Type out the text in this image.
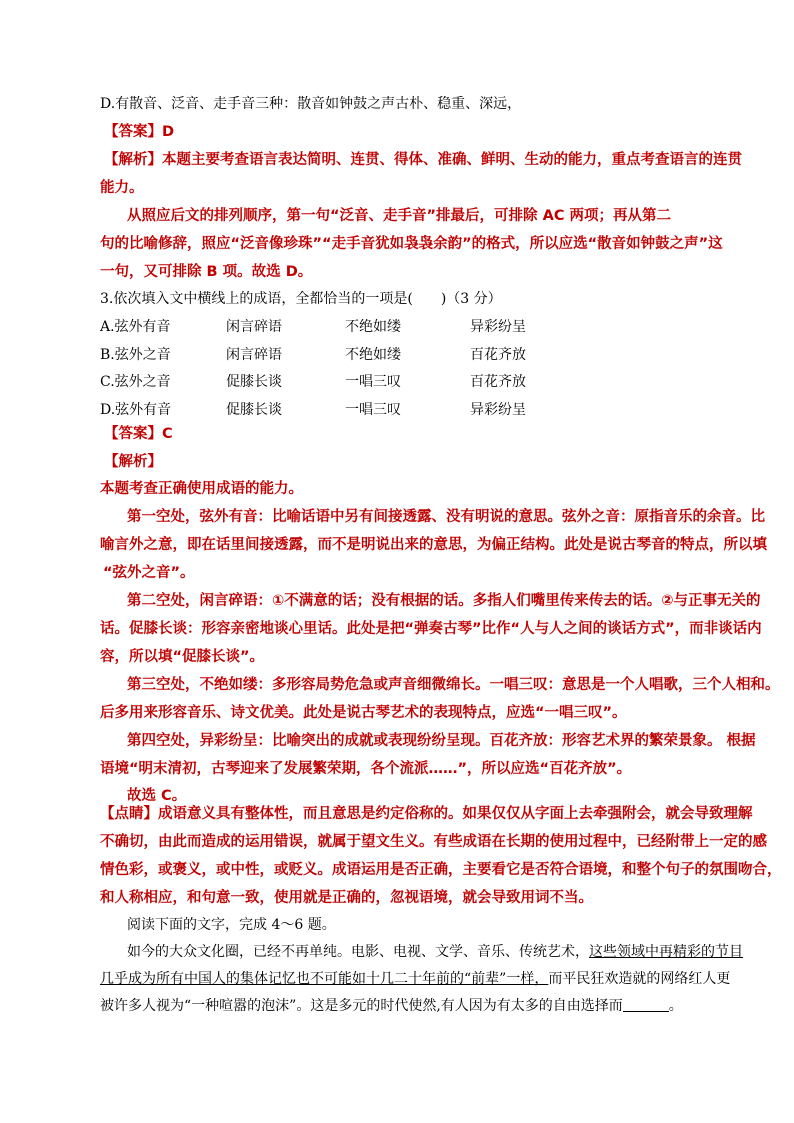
D.有散音、泛音、走手音三种：散音如钟鼓之声古朴、稳重、深远，
【答案】D
【解析】本题主要考查语言表达简明、连贯、得体、准确、鲜明、生动的能力，重点考查语言的连贯
能力。
从照应后文的排列顺序，第一句“泛音、走手音”排最后，可排除 AC 两项；再从第二
句的比喻修辞，照应“泛音像珍珠”“走手音犹如袅袅余韵”的格式，所以应选“散音如钟鼓之声”这
一句，又可排除 B 项。故选 D。
3.依次填入文中横线上的成语，全都恰当的一项是(　　)（3 分）
A.弦外有音	闲言碎语	不绝如缕	异彩纷呈
B.弦外之音	闲言碎语	不绝如缕	百花齐放
C.弦外之音	促膝长谈	一唱三叹	百花齐放
D.弦外有音	促膝长谈	一唱三叹	异彩纷呈
【答案】C
【解析】
本题考查正确使用成语的能力。
第一空处，弦外有音：比喻话语中另有间接透露、没有明说的意思。弦外之音：原指音乐的余音。比
喻言外之意，即在话里间接透露，而不是明说出来的意思，为偏正结构。此处是说古琴音的特点，所以填
“弦外之音”。
第二空处，闲言碎语：①不满意的话；没有根据的话。多指人们嘴里传来传去的话。②与正事无关的
话。促膝长谈：形容亲密地谈心里话。此处是把“弹奏古琴”比作“人与人之间的谈话方式”，而非谈话内
容，所以填“促膝长谈”。
第三空处，不绝如缕：多形容局势危急或声音细微绵长。一唱三叹：意思是一个人唱歌，三个人相和。
后多用来形容音乐、诗文优美。此处是说古琴艺术的表现特点，应选“一唱三叹”。
第四空处，异彩纷呈：比喻突出的成就或表现纷纷呈现。百花齐放：形容艺术界的繁荣景象。 根据
语境“明末清初，古琴迎来了发展繁荣期，各个流派……”，所以应选“百花齐放”。
故选 C。
【点睛】成语意义具有整体性，而且意思是约定俗称的。如果仅仅从字面上去牵强附会，就会导致理解
不确切，由此而造成的运用错误，就属于望文生义。有些成语在长期的使用过程中，已经附带上一定的感
情色彩，或褒义，或中性，或贬义。成语运用是否正确，主要看它是否符合语境，和整个句子的氛围吻合，
和人称相应，和句意一致，使用就是正确的，忽视语境，就会导致用词不当。
阅读下面的文字，完成 4～6 题。
如今的大众文化圈，已经不再单纯。电影、电视、文学、音乐、传统艺术，这些领域中再精彩的节目
几乎成为所有中国人的集体记忆也不可能如十几二十年前的“前辈”一样，而平民狂欢造就的网络红人更
被许多人视为“一种喧嚣的泡沫”。这是多元的时代使然,有人因为有太多的自由选择而	。
